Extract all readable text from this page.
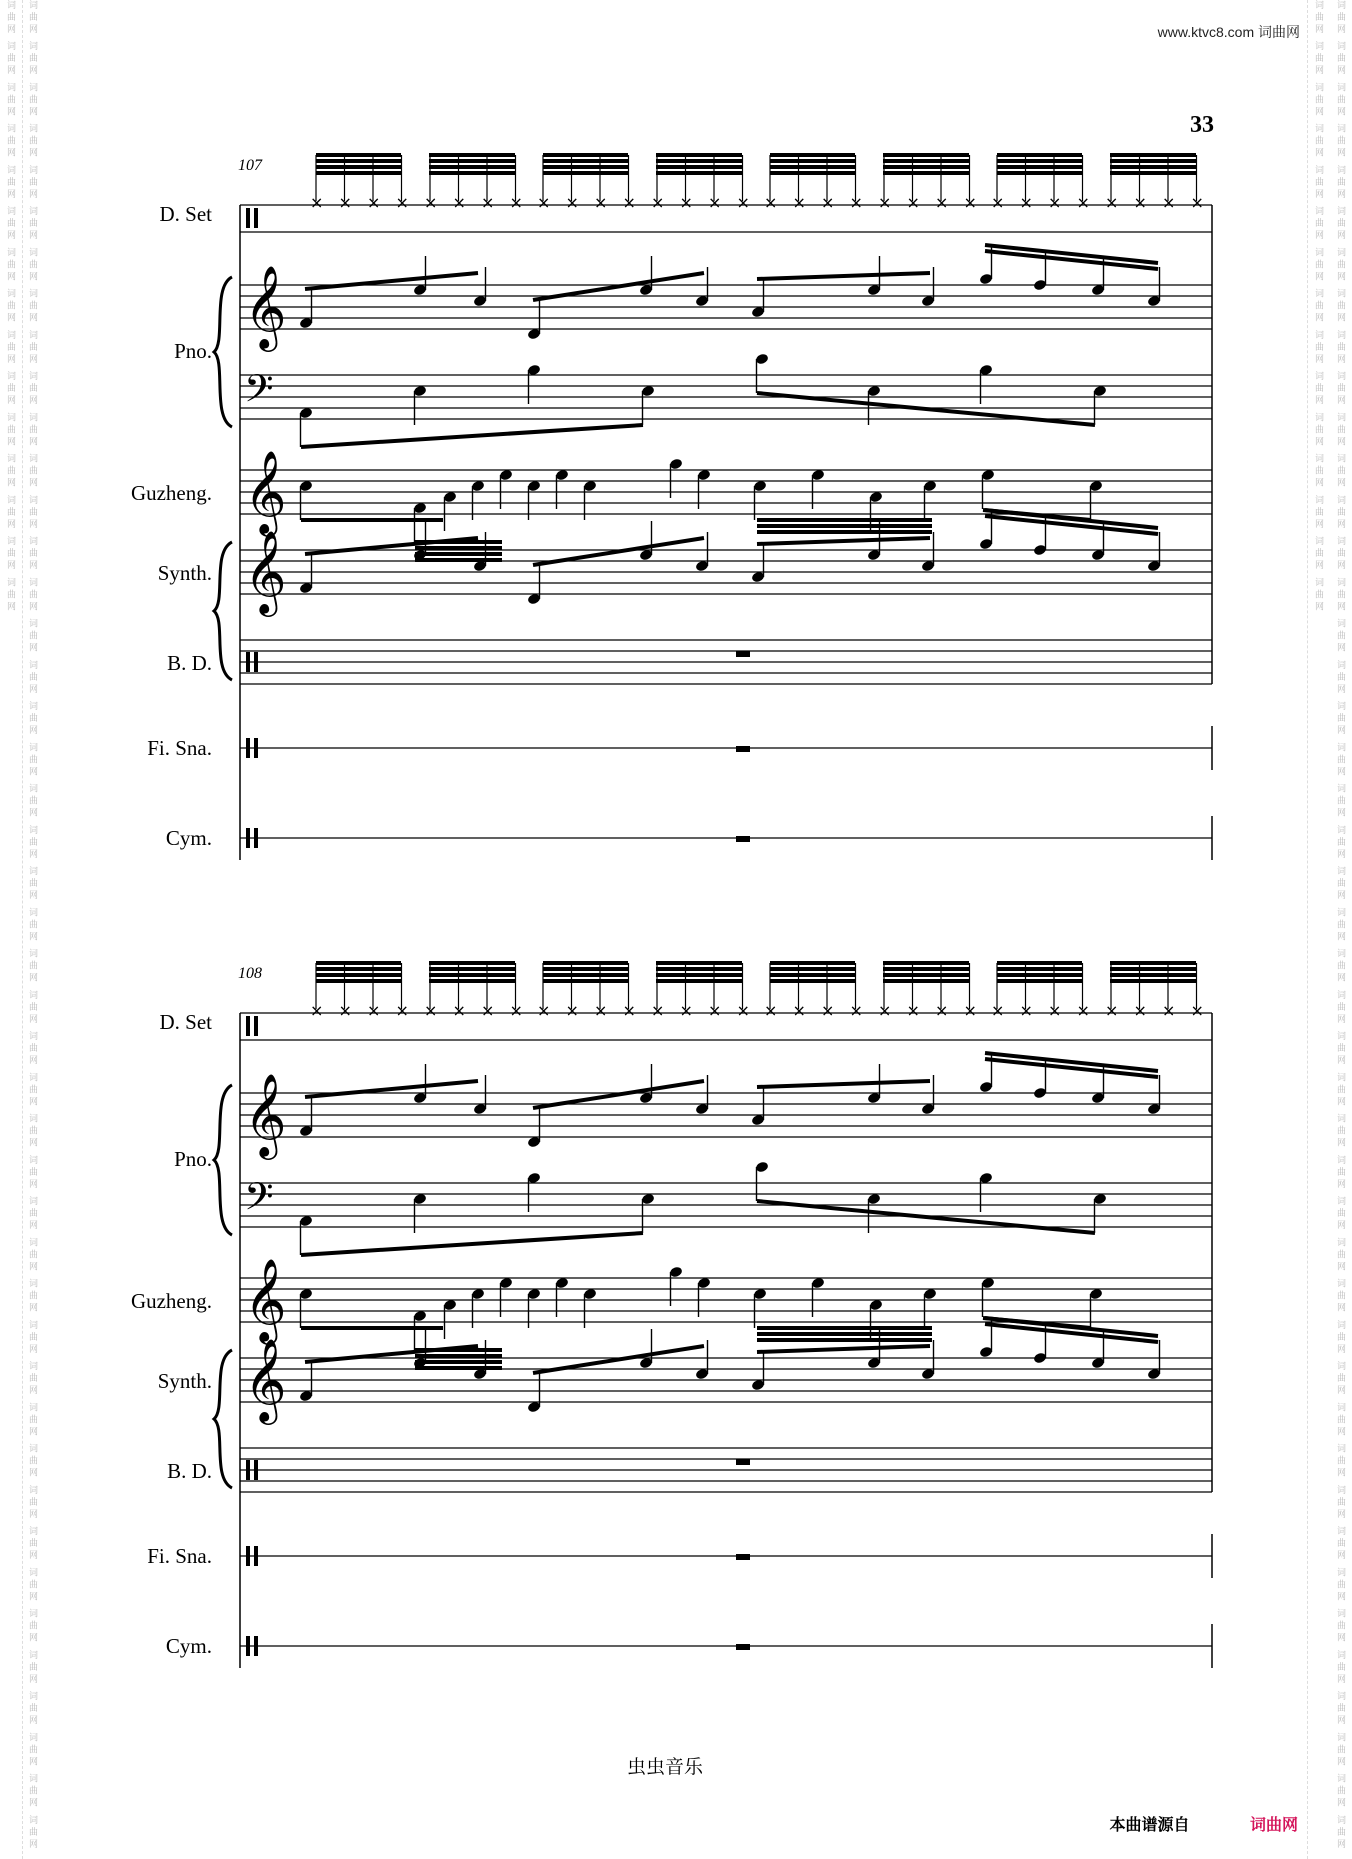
词曲网 词曲网 词曲网 词曲网 词曲网 词曲网 词曲网 词曲网 词曲网 词曲网 词曲网 词曲网 词曲网 词曲网 词曲网 词曲网 词曲网 词曲网 词曲网 词曲网 词曲网 词曲网 词曲网 词曲网 词曲网 词曲网 词曲网 词曲网 词曲网 词曲网 词曲网 词曲网 词曲网 词曲网 词曲网 词曲网 词曲网 词曲网 词曲网 词曲网 词曲网 词曲网 词曲网 词曲网 词曲网 词曲网 词曲网 词曲网 词曲网 词曲网 词曲网 词曲网 词曲网 词曲网 词曲网 词曲网 词曲网 词曲网 词曲网 词曲网	词曲网 词曲网 词曲网 词曲网 词曲网 词曲网 词曲网 词曲网 词曲网 词曲网 词曲网 词曲网 词曲网 词曲网 词曲网 词曲网 词曲网 词曲网 词曲网 词曲网 词曲网 词曲网 词曲网 词曲网 词曲网 词曲网 词曲网 词曲网 词曲网 词曲网 词曲网 词曲网 词曲网 词曲网 词曲网 词曲网 词曲网 词曲网 词曲网 词曲网 词曲网 词曲网 词曲网 词曲网 词曲网 词曲网 词曲网 词曲网 词曲网 词曲网 词曲网 词曲网 词曲网 词曲网 词曲网 词曲网 词曲网 词曲网 词曲网 词曲网
www.ktvc8.com 词曲网
33
107
D. Set	× × × × × × × × × × × × × × × × × × × × × × × × × × × × × × × ×
𝄞
𝄢
Pno.
𝄞
Guzheng.
𝄞
Synth.
B. D.
Fi. Sna.
Cym.
108
D. Set	× × × × × × × × × × × × × × × × × × × × × × × × × × × × × × × ×
𝄞
𝄢
Pno.
𝄞
Guzheng.
𝄞
Synth.
B. D.
Fi. Sna.
Cym.
虫虫音乐
本曲谱源自	词曲网
